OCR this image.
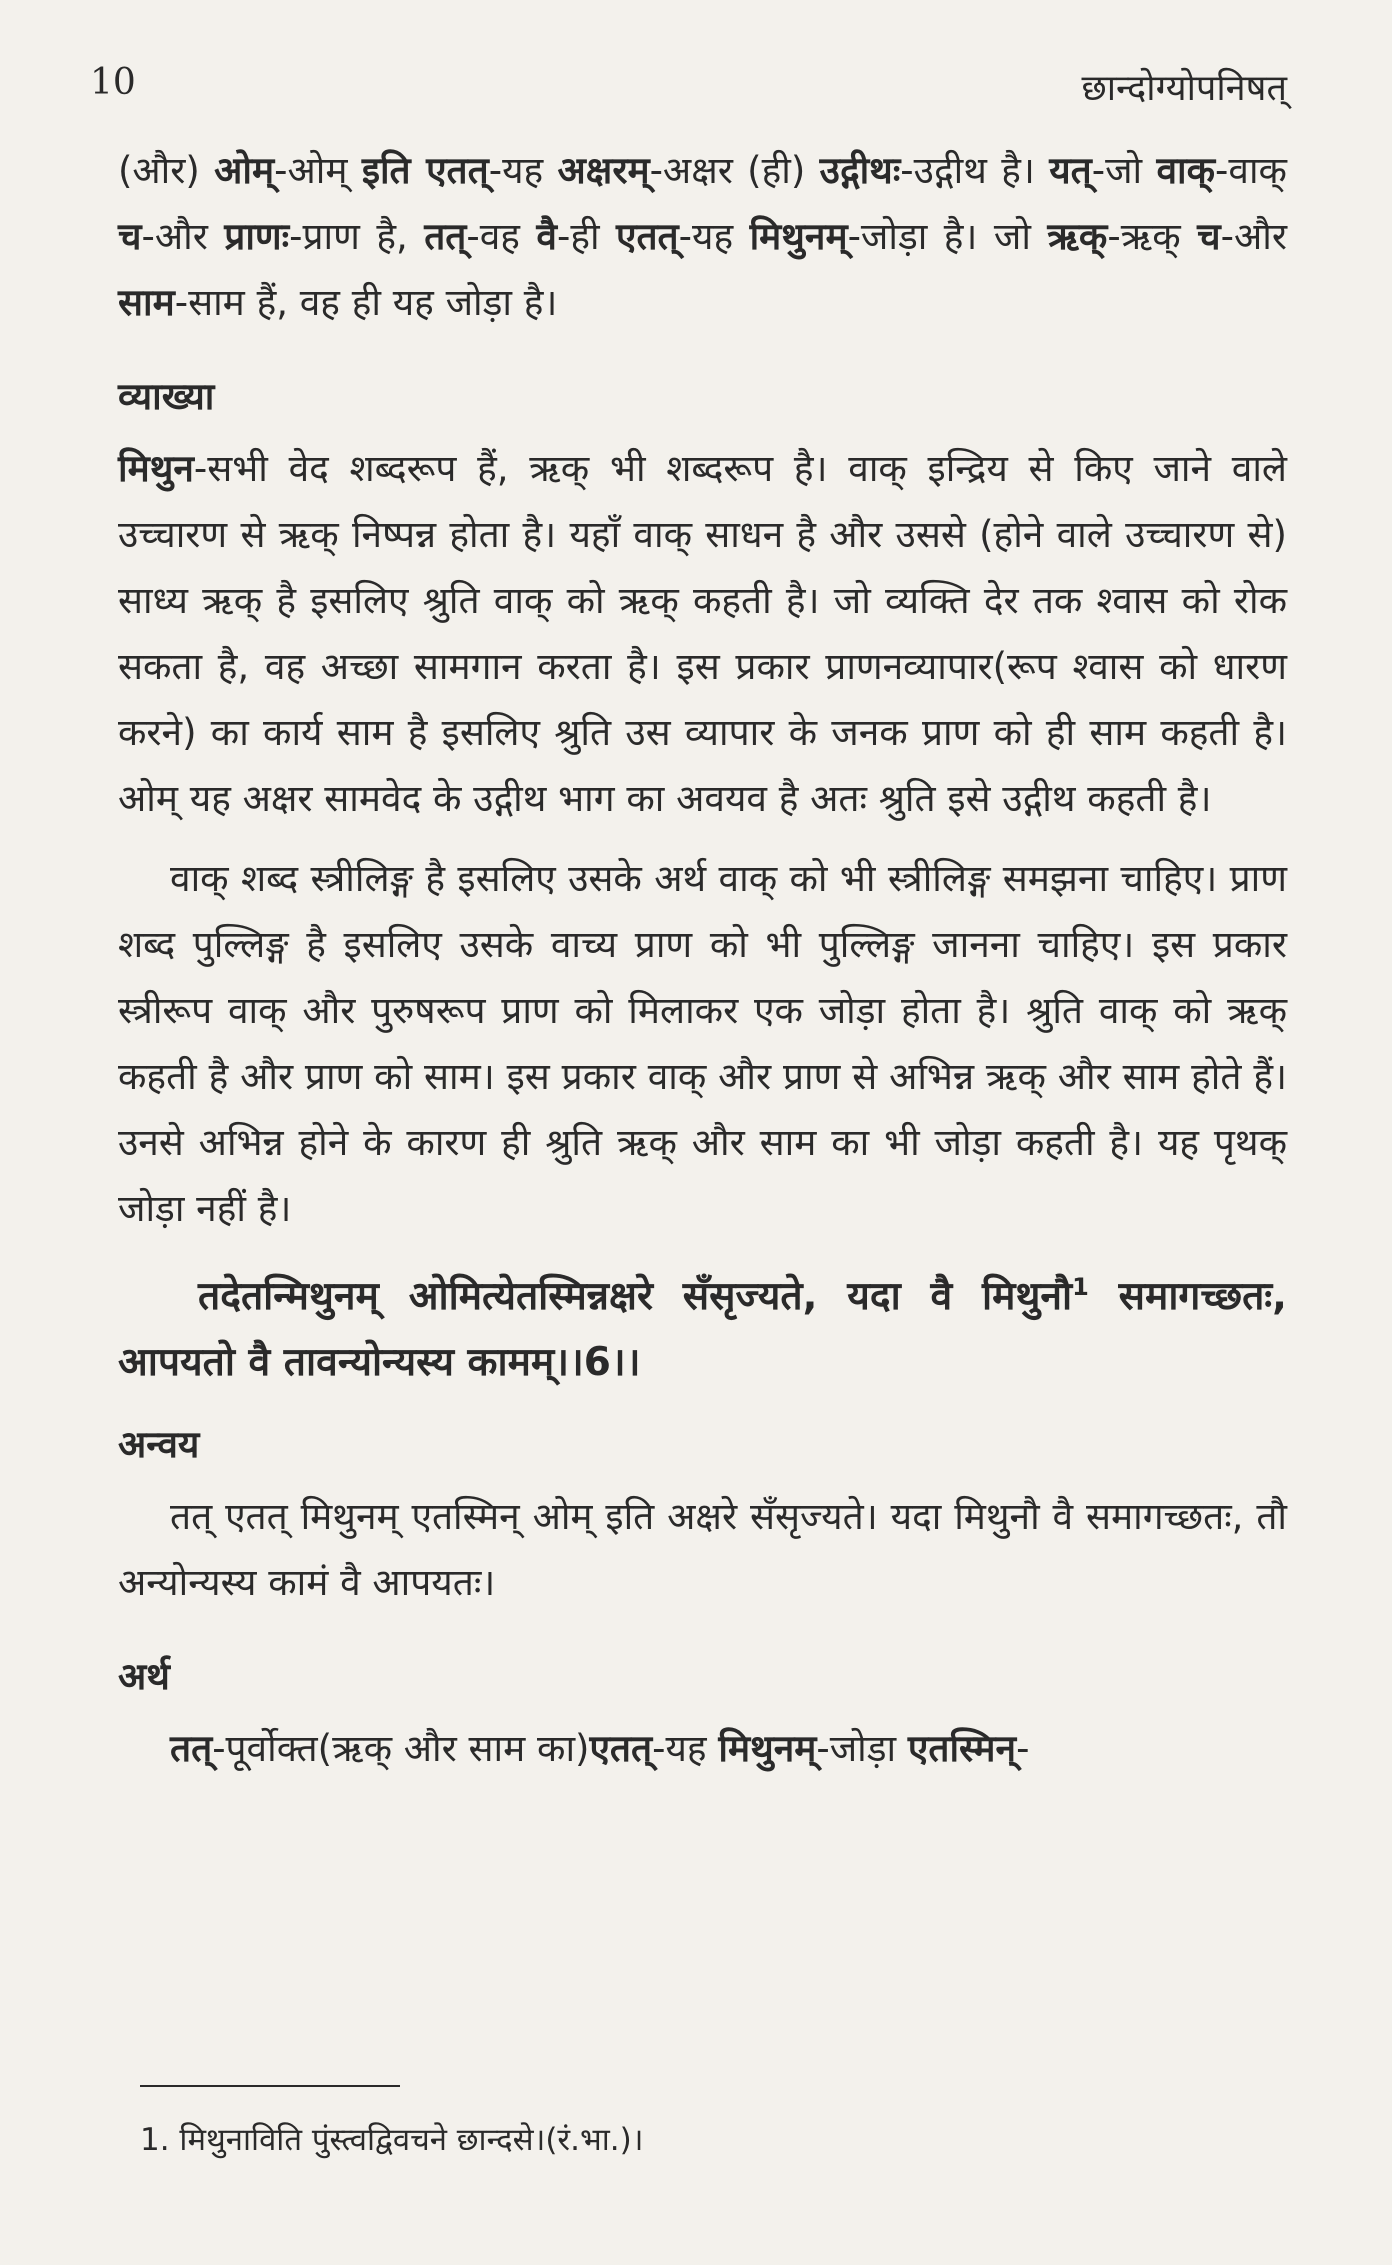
10	छान्दोग्योपनिषत्

(और) ओम्-ओम् इति एतत्-यह अक्षरम्-अक्षर (ही) उद्गीथः-उद्गीथ है। यत्-जो वाक्-वाक् च-और प्राणः-प्राण है, तत्-वह वै-ही एतत्-यह मिथुनम्-जोड़ा है। जो ऋक्-ऋक् च-और साम-साम हैं, वह ही यह जोड़ा है।

व्याख्या

मिथुन-सभी वेद शब्दरूप हैं, ऋक् भी शब्दरूप है। वाक् इन्द्रिय से किए जाने वाले उच्चारण से ऋक् निष्पन्न होता है। यहाँ वाक् साधन है और उससे (होने वाले उच्चारण से) साध्य ऋक् है इसलिए श्रुति वाक् को ऋक् कहती है। जो व्यक्ति देर तक श्वास को रोक सकता है, वह अच्छा सामगान करता है। इस प्रकार प्राणनव्यापार(रूप श्वास को धारण करने) का कार्य साम है इसलिए श्रुति उस व्यापार के जनक प्राण को ही साम कहती है। ओम् यह अक्षर सामवेद के उद्गीथ भाग का अवयव है अतः श्रुति इसे उद्गीथ कहती है।

वाक् शब्द स्त्रीलिङ्ग है इसलिए उसके अर्थ वाक् को भी स्त्रीलिङ्ग समझना चाहिए। प्राण शब्द पुल्लिङ्ग है इसलिए उसके वाच्य प्राण को भी पुल्लिङ्ग जानना चाहिए। इस प्रकार स्त्रीरूप वाक् और पुरुषरूप प्राण को मिलाकर एक जोड़ा होता है। श्रुति वाक् को ऋक् कहती है और प्राण को साम। इस प्रकार वाक् और प्राण से अभिन्न ऋक् और साम होते हैं। उनसे अभिन्न होने के कारण ही श्रुति ऋक् और साम का भी जोड़ा कहती है। यह पृथक् जोड़ा नहीं है।

तदेतन्मिथुनम् ओमित्येतस्मिन्नक्षरे सँसृज्यते, यदा वै मिथुनौ$^1$ समागच्छतः, आपयतो वै तावन्योन्यस्य कामम्।।6।।

अन्वय

तत् एतत् मिथुनम् एतस्मिन् ओम् इति अक्षरे सँसृज्यते। यदा मिथुनौ वै समागच्छतः, तौ अन्योन्यस्य कामं वै आपयतः।

अर्थ

तत्-पूर्वोक्त(ऋक् और साम का)एतत्-यह मिथुनम्-जोड़ा एतस्मिन्-

1. मिथुनाविति पुंस्त्वद्विवचने छान्दसे।(रं.भा.)।
